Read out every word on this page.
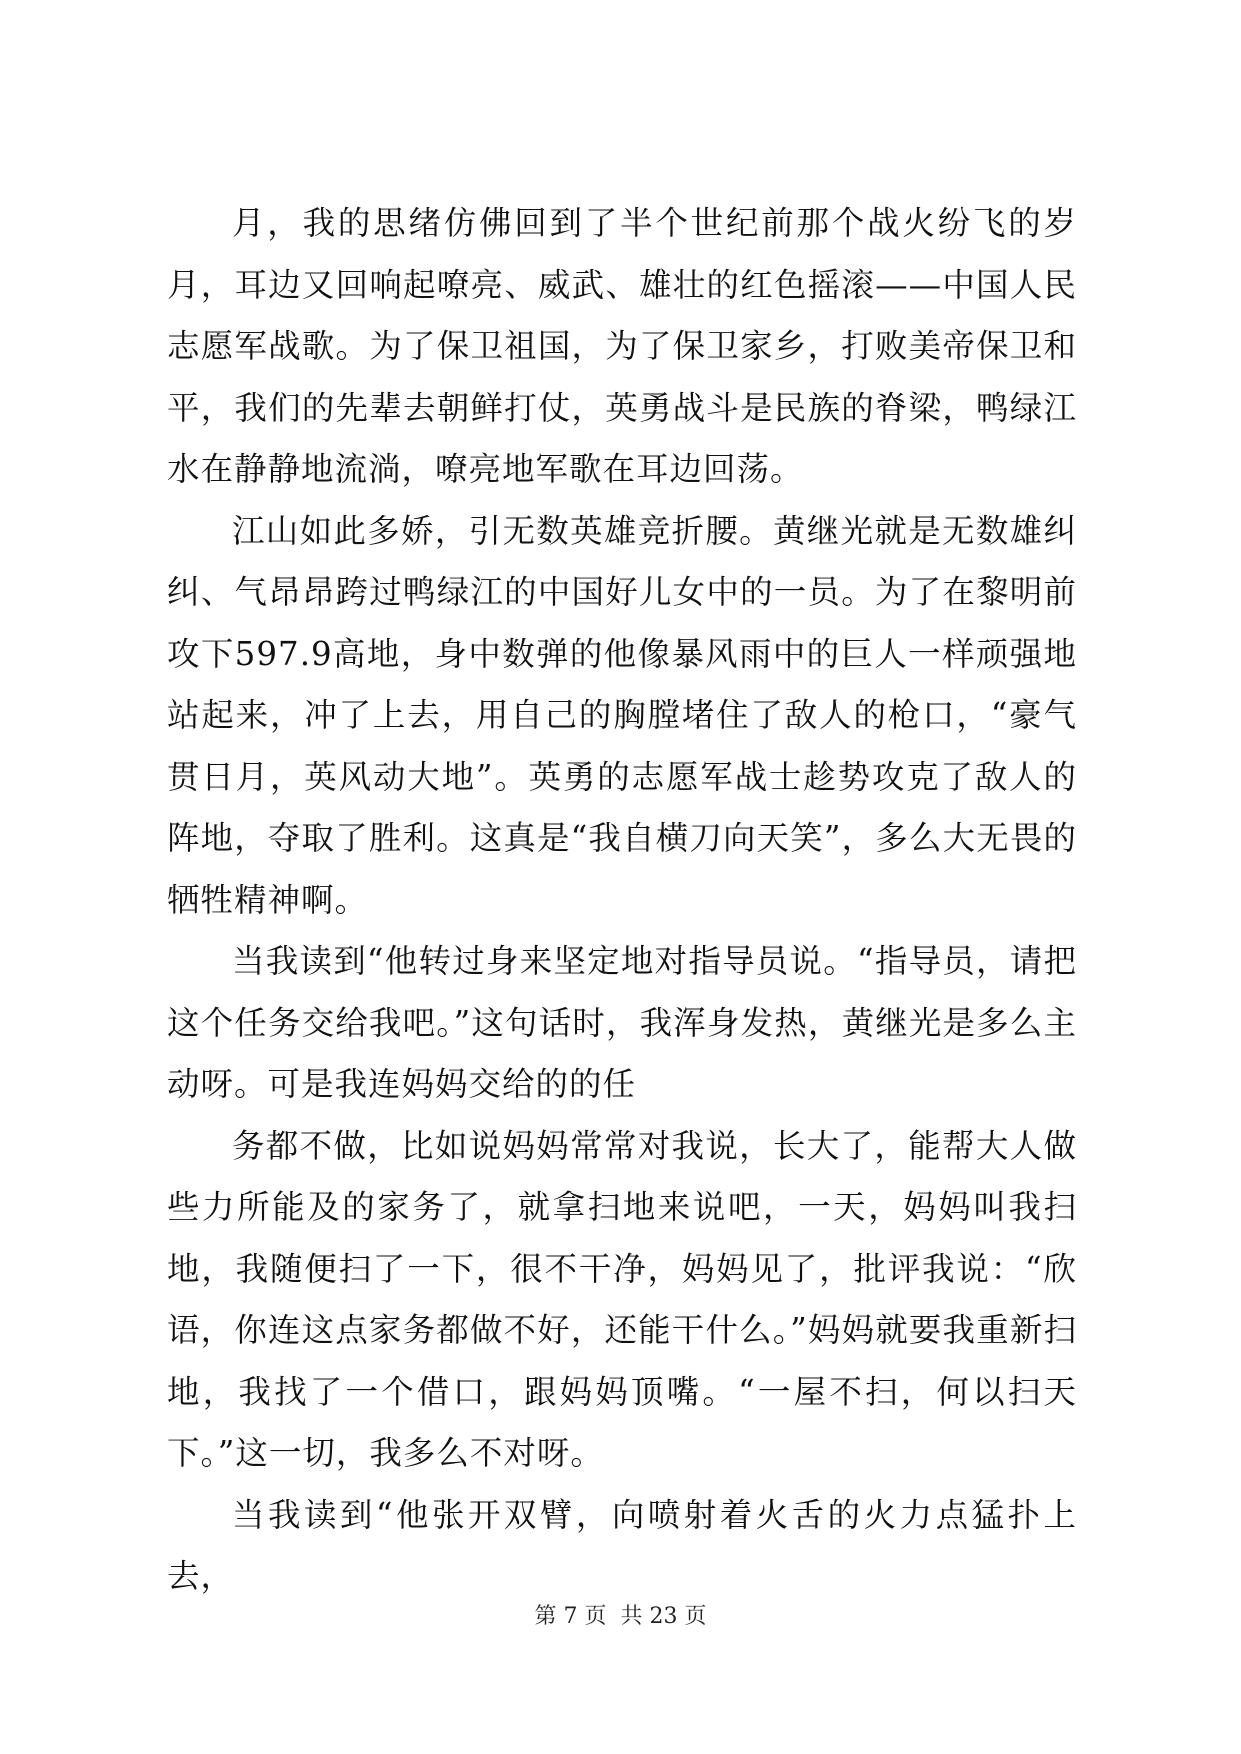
月，我的思绪仿佛回到了半个世纪前那个战火纷飞的岁月，耳边又回响起嘹亮、威武、雄壮的红色摇滚——中国人民志愿军战歌。为了保卫祖国，为了保卫家乡，打败美帝保卫和平，我们的先辈去朝鲜打仗，英勇战斗是民族的脊梁，鸭绿江水在静静地流淌，嘹亮地军歌在耳边回荡。

江山如此多娇，引无数英雄竞折腰。黄继光就是无数雄纠纠、气昂昂跨过鸭绿江的中国好儿女中的一员。为了在黎明前攻下597.9高地，身中数弹的他像暴风雨中的巨人一样顽强地站起来，冲了上去，用自己的胸膛堵住了敌人的枪口，“豪气贯日月，英风动大地”。英勇的志愿军战士趁势攻克了敌人的阵地，夺取了胜利。这真是“我自横刀向天笑”，多么大无畏的牺牲精神啊。

当我读到“他转过身来坚定地对指导员说。“指导员，请把这个任务交给我吧。”这句话时，我浑身发热，黄继光是多么主动呀。可是我连妈妈交给的的任

务都不做，比如说妈妈常常对我说，长大了，能帮大人做些力所能及的家务了，就拿扫地来说吧，一天，妈妈叫我扫地，我随便扫了一下，很不干净，妈妈见了，批评我说：“欣语，你连这点家务都做不好，还能干什么。”妈妈就要我重新扫地，我找了一个借口，跟妈妈顶嘴。“一屋不扫，何以扫天下。”这一切，我多么不对呀。

当我读到“他张开双臂，向喷射着火舌的火力点猛扑上去，

第 7 页 共 23 页
